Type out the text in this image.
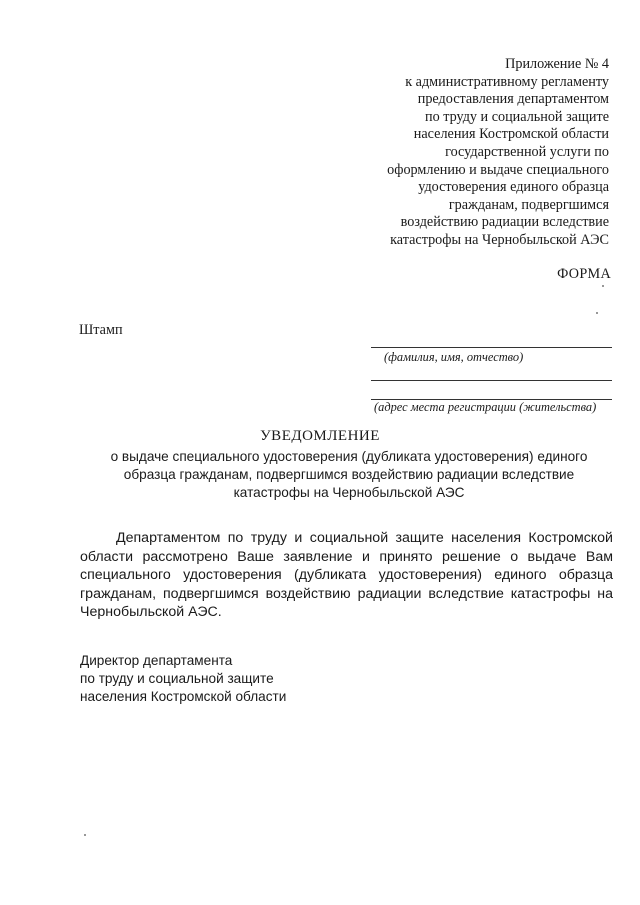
Приложение № 4
к административному регламенту
предоставления департаментом
по труду и социальной защите
населения Костромской области
государственной услуги по
оформлению и выдаче специального
удостоверения единого образца
гражданам, подвергшимся
воздействию радиации вследствие
катастрофы на Чернобыльской АЭС
ФОРМА
Штамп
(фамилия, имя, отчество)
(адрес места регистрации (жительства)
УВЕДОМЛЕНИЕ
о выдаче специального удостоверения (дубликата удостоверения) единого
образца гражданам, подвергшимся воздействию радиации вследствие
катастрофы на Чернобыльской АЭС
Департаментом по труду и социальной защите населения Костромской области рассмотрено Ваше заявление и принято решение о выдаче Вам специального удостоверения (дубликата удостоверения) единого образца гражданам, подвергшимся воздействию радиации вследствие катастрофы на Чернобыльской АЭС.
Директор департамента
по труду и социальной защите
населения Костромской области
